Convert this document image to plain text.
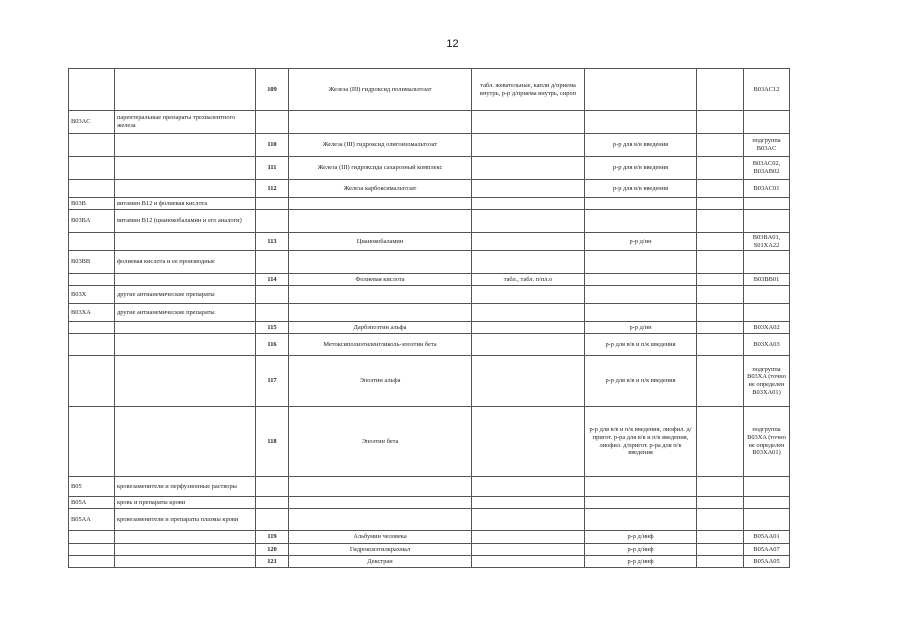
12
		109	Железа (III) гидроксид полимальтозат	табл. жевательные, капли д/приема внутрь, р-р д/приема внутрь, сироп			B03AC12
B03AC	парентеральные препараты трехвалентного железа						
		110	Железа (III) гидроксид олигоизомальтозат		р-р для в/в введения		подгруппа B03AC
		111	Железа (III) гидроксида сахарозный комплекс		р-р для в/в введения		B03AC02, B03AB02
		112	Железа карбоксимальтозат		р-р для в/в введения		B03AC01
B03B	витамин B12 и фолиевая кислота						
B03BA	витамин B12 (цианокобаламин и его аналоги)						
		113	Цианокобаламин		р-р д/ин		B03BA01, S01XA22
B03BB	фолиевая кислота и ее производные						
		114	Фолиевая кислота	табл., табл. п/пл.о			B03BB01
B03X	другие антианемические препараты						
B03XA	другие антианемические препараты						
		115	Дарбэпоэтин альфа		р-р д/ин		B03XA02
		116	Метоксиполиэтиленгликоль-эпоэтин бета		р-р для в/в и п/к введения		B03XA03
		117	Эпоэтин альфа		р-р для в/в и п/к введения		подгруппа B03XA (точно не определен B03XA01)
		118	Эпоэтин бета		р-р для в/в и п/к введения, лиофил. д/пригот. р-ра для в/в и п/к введения, лиофил. д/пригот. р-ра для п/к введения		подгруппа B03XA (точно не определен B03XA01)
B05	кровезаменители и перфузионные растворы						
B05A	кровь и препараты крови						
B05AA	кровезаменители и препараты плазмы крови						
		119	Альбумин человека		р-р д/инф		B05AA01
		120	Гидроксиэтилкрахмал		р-р д/инф		B05AA07
		121	Декстран		р-р д/инф		B05AA05
